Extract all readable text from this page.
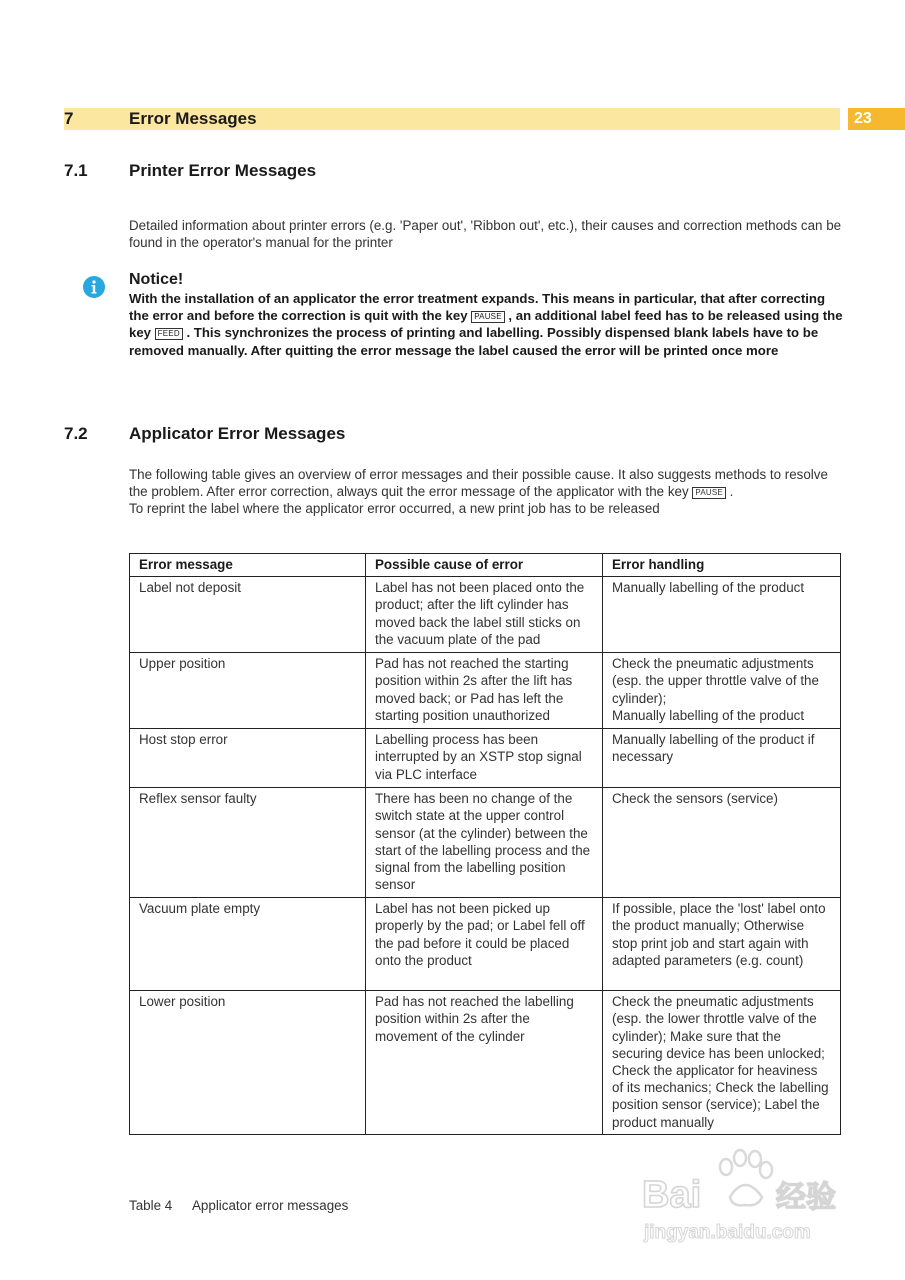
7	Error Messages	23
7.1 Printer Error Messages

Detailed information about printer errors (e.g. 'Paper out', 'Ribbon out', etc.), their causes and correction methods can be found in the operator's manual for the printer

Notice!
With the installation of an applicator the error treatment expands. This means in particular, that after correcting the error and before the correction is quit with the key PAUSE , an additional label feed has to be released using the key FEED . This synchronizes the process of printing and labelling. Possibly dispensed blank labels have to be removed manually. After quitting the error message the label caused the error will be printed once more
7.2 Applicator Error Messages

The following table gives an overview of error messages and their possible cause. It also suggests methods to resolve the problem. After error correction, always quit the error message of the applicator with the key PAUSE .

To reprint the label where the applicator error occurred, a new print job has to be released

Error message	Possible cause of error	Error handling
Label not deposit	Label has not been placed onto the product; after the lift cylinder has moved back the label still sticks on the vacuum plate of the pad	Manually labelling of the product
Upper position	Pad has not reached the starting position within 2s after the lift has moved back; or Pad has left the starting position unauthorized	Check the pneumatic adjustments (esp. the upper throttle valve of the cylinder);
Manually labelling of the product

Host stop error	Labelling process has been interrupted by an XSTP stop signal via PLC interface	Manually labelling of the product if necessary
Reflex sensor faulty	There has been no change of the switch state at the upper control sensor (at the cylinder) between the start of the labelling process and the signal from the labelling position sensor	Check the sensors (service)
Vacuum plate empty	Label has not been picked up properly by the pad; or Label fell off the pad before it could be placed onto the product	If possible, place the 'lost' label onto the product manually; Otherwise stop print job and start again with adapted parameters (e.g. count)
Lower position	Pad has not reached the labelling position within 2s after the movement of the cylinder	Check the pneumatic adjustments (esp. the lower throttle valve of the cylinder); Make sure that the securing device has been unlocked; Check the applicator for heaviness of its mechanics; Check the labelling position sensor (service); Label the product manually
Table 4 Applicator error messages	Bai 经验
jingyan.baidu.com
